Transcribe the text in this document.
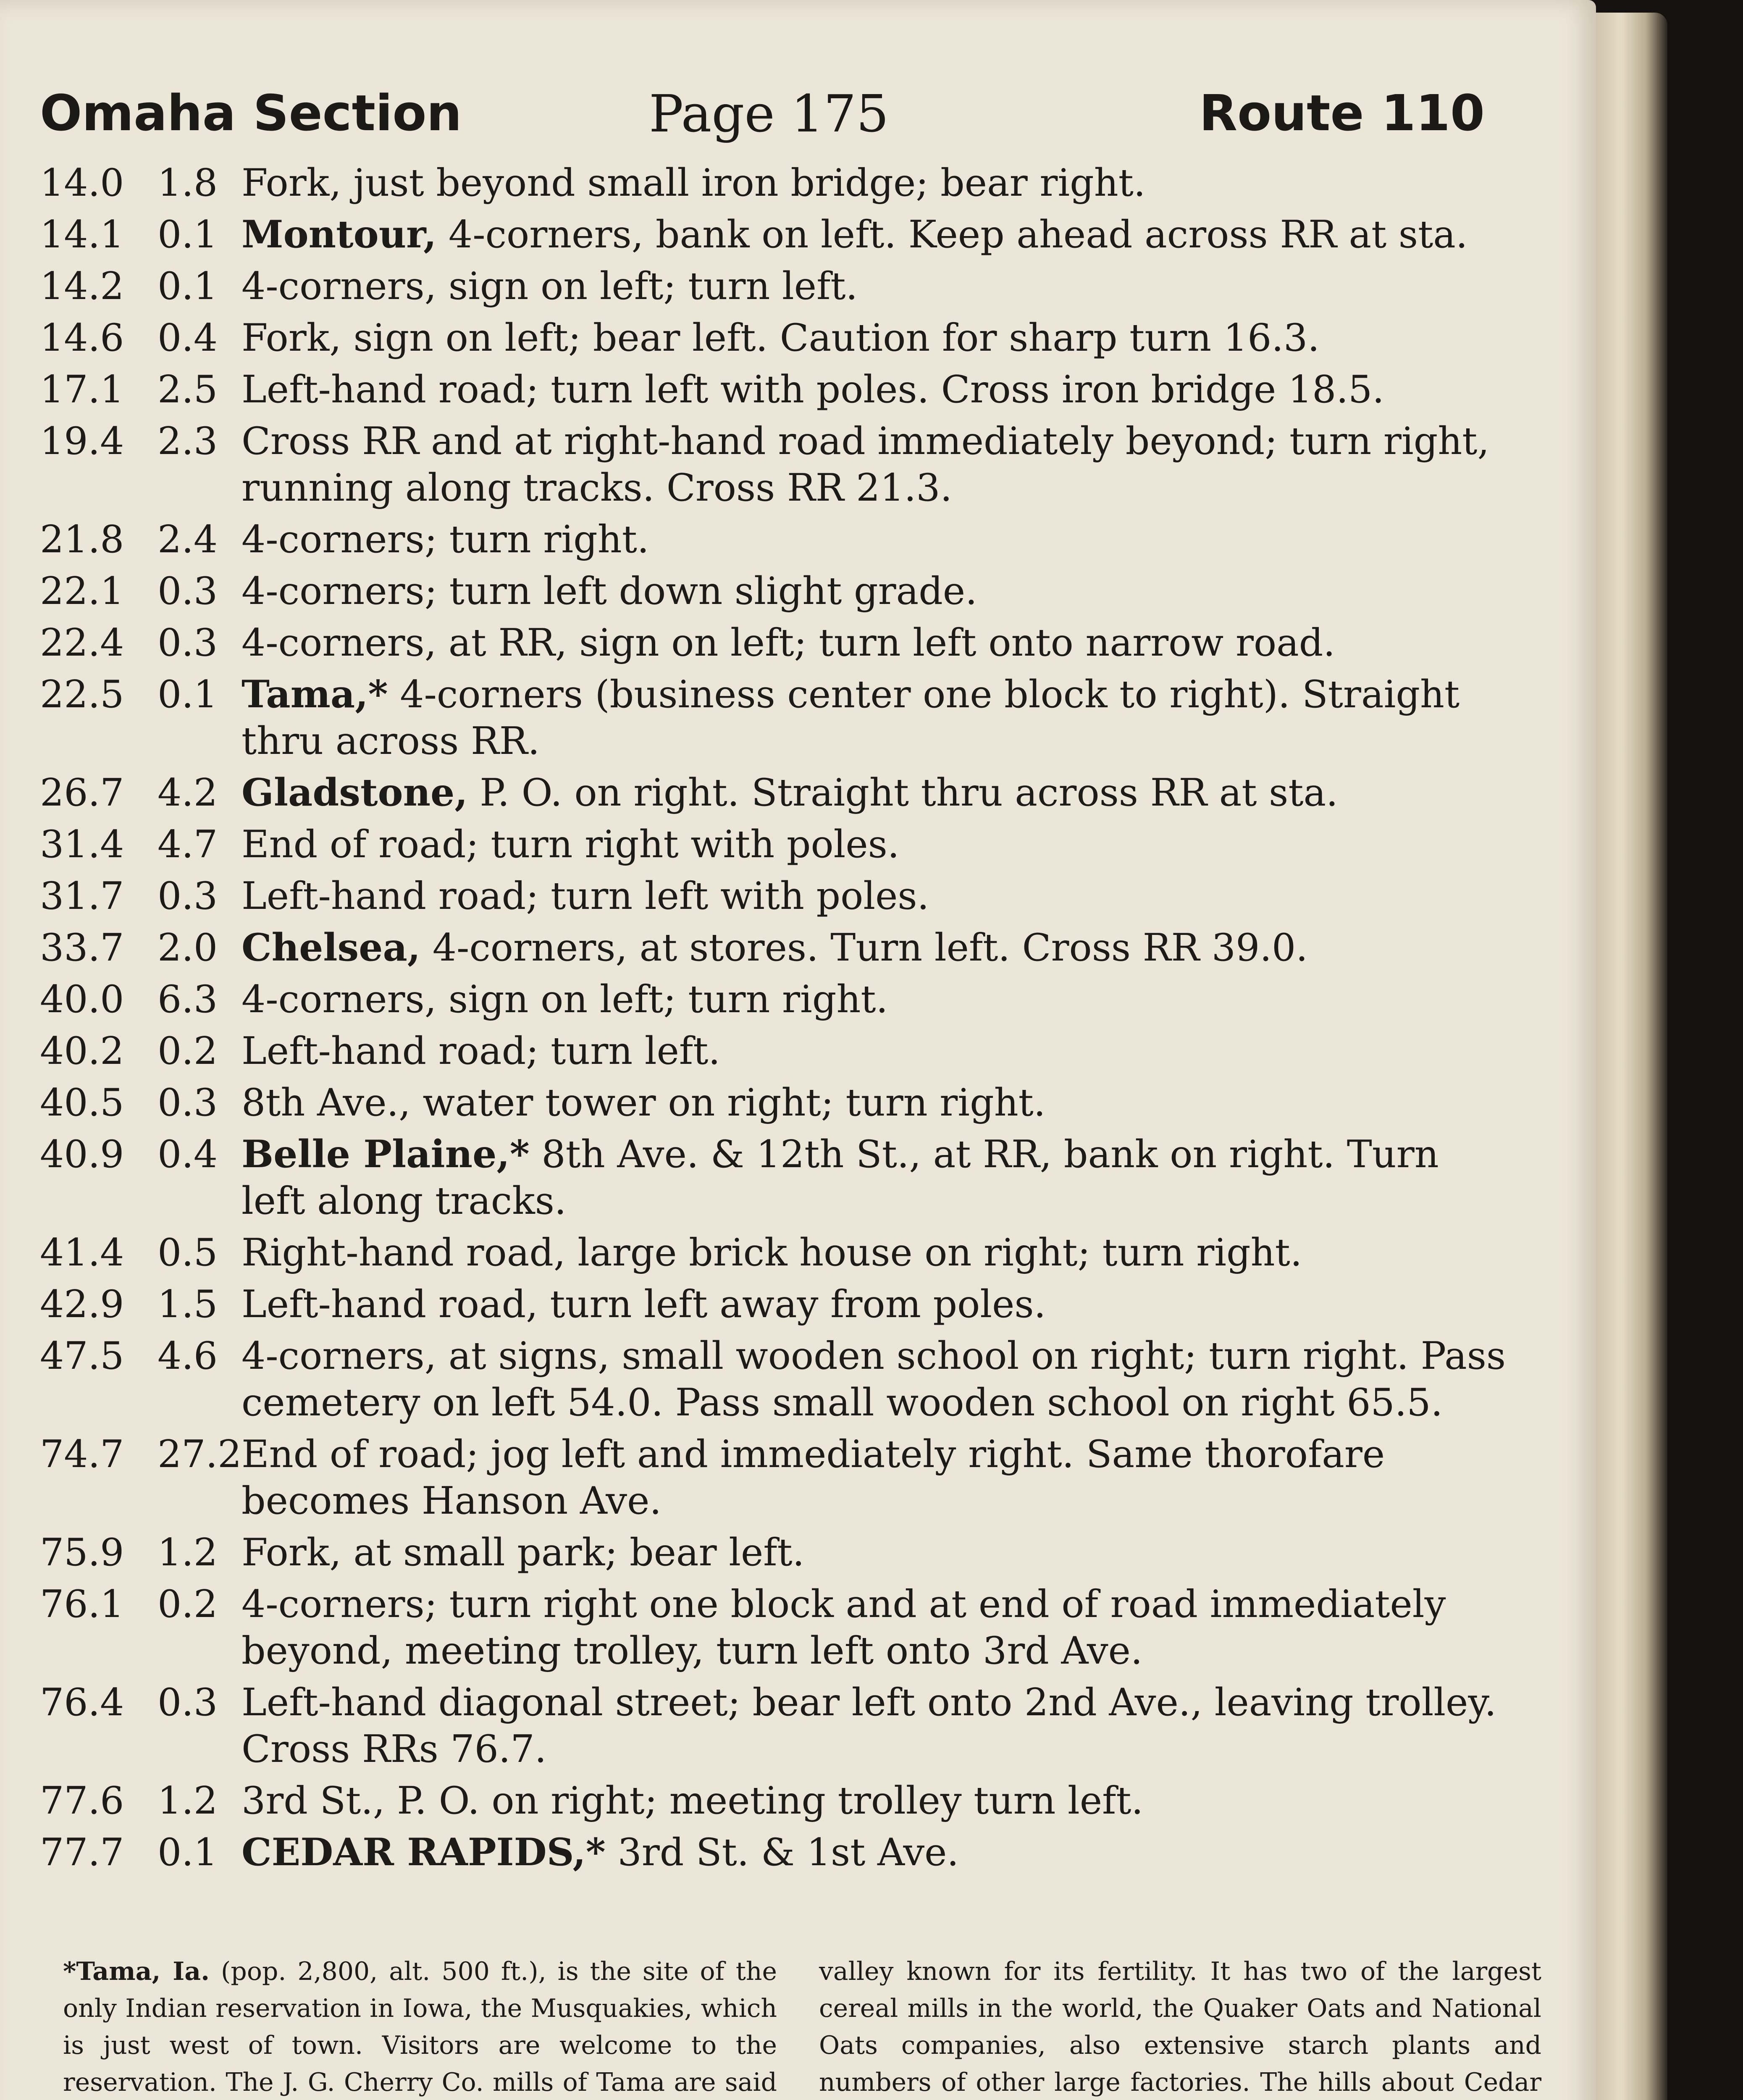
Omaha Section	Page 175	Route 110
14.0 1.8 Fork, just beyond small iron bridge; bear right.
14.1 0.1 Montour, 4-corners, bank on left. Keep ahead across RR at sta.
14.2 0.1 4-corners, sign on left; turn left.
14.6 0.4 Fork, sign on left; bear left. Caution for sharp turn 16.3.
17.1 2.5 Left-hand road; turn left with poles. Cross iron bridge 18.5.
19.4 2.3 Cross RR and at right-hand road immediately beyond; turn right, running along tracks. Cross RR 21.3.
21.8 2.4 4-corners; turn right.
22.1 0.3 4-corners; turn left down slight grade.
22.4 0.3 4-corners, at RR, sign on left; turn left onto narrow road.
22.5 0.1 Tama,* 4-corners (business center one block to right). Straight thru across RR.
26.7 4.2 Gladstone, P. O. on right. Straight thru across RR at sta.
31.4 4.7 End of road; turn right with poles.
31.7 0.3 Left-hand road; turn left with poles.
33.7 2.0 Chelsea, 4-corners, at stores. Turn left. Cross RR 39.0.
40.0 6.3 4-corners, sign on left; turn right.
40.2 0.2 Left-hand road; turn left.
40.5 0.3 8th Ave., water tower on right; turn right.
40.9 0.4 Belle Plaine,* 8th Ave. & 12th St., at RR, bank on right. Turn left along tracks.
41.4 0.5 Right-hand road, large brick house on right; turn right.
42.9 1.5 Left-hand road, turn left away from poles.
47.5 4.6 4-corners, at signs, small wooden school on right; turn right. Pass cemetery on left 54.0. Pass small wooden school on right 65.5.
74.7 27.2 End of road; jog left and immediately right. Same thorofare becomes Hanson Ave.
75.9 1.2 Fork, at small park; bear left.
76.1 0.2 4-corners; turn right one block and at end of road immediately beyond, meeting trolley, turn left onto 3rd Ave.
76.4 0.3 Left-hand diagonal street; bear left onto 2nd Ave., leaving trolley. Cross RRs 76.7.
77.6 1.2 3rd St., P. O. on right; meeting trolley turn left.
77.7 0.1 CEDAR RAPIDS,* 3rd St. & 1st Ave.

*Tama, Ia. (pop. 2,800, alt. 500 ft.), is the site of the only Indian reservation in Iowa, the Musquakies, which is just west of town. Visitors are welcome to the reservation. The J. G. Cherry Co. mills of Tama are said

valley known for its fertility. It has two of the largest cereal mills in the world, the Quaker Oats and National Oats companies, also extensive starch plants and numbers of other large factories. The hills about Cedar
